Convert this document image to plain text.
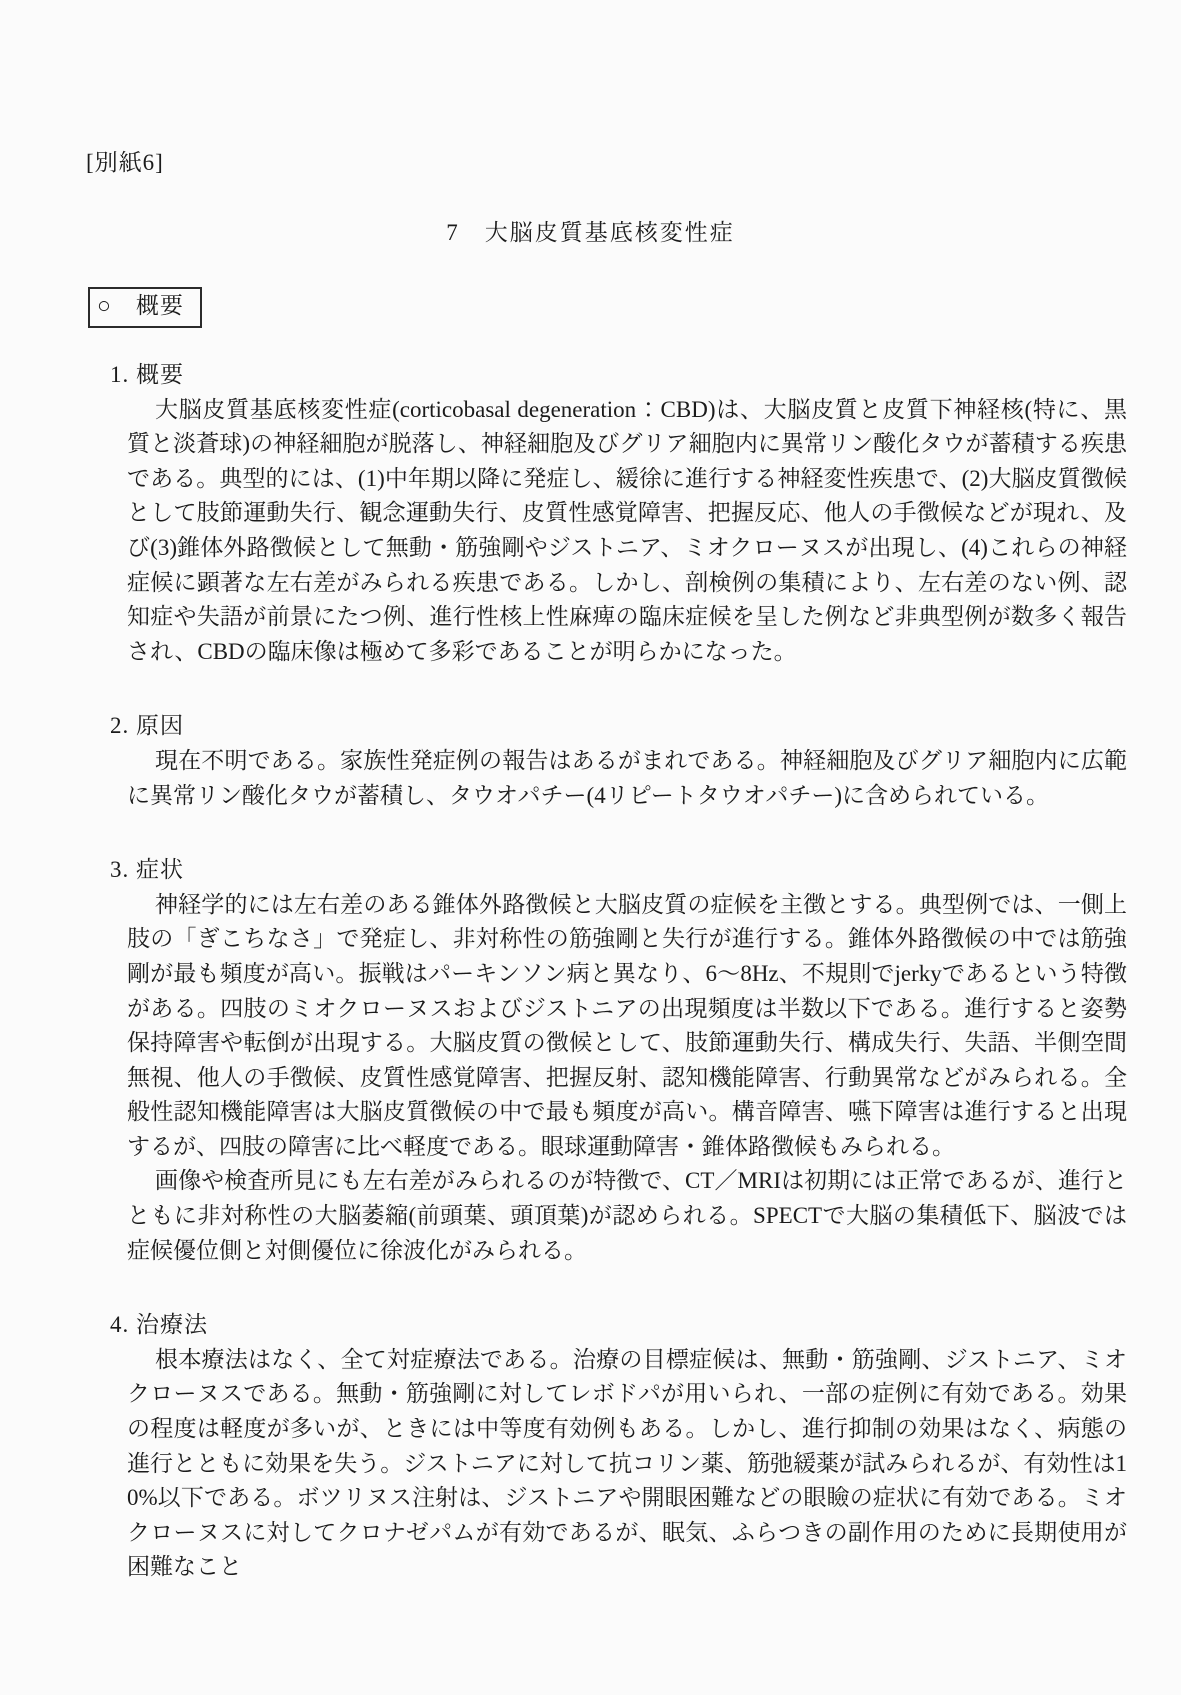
[別紙6]
7　大脳皮質基底核変性症
○　概要
1. 概要

大脳皮質基底核変性症(corticobasal degeneration：CBD)は、大脳皮質と皮質下神経核(特に、黒質と淡蒼球)の神経細胞が脱落し、神経細胞及びグリア細胞内に異常リン酸化タウが蓄積する疾患である。典型的には、(1)中年期以降に発症し、緩徐に進行する神経変性疾患で、(2)大脳皮質徴候として肢節運動失行、観念運動失行、皮質性感覚障害、把握反応、他人の手徴候などが現れ、及び(3)錐体外路徴候として無動・筋強剛やジストニア、ミオクローヌスが出現し、(4)これらの神経症候に顕著な左右差がみられる疾患である。しかし、剖検例の集積により、左右差のない例、認知症や失語が前景にたつ例、進行性核上性麻痺の臨床症候を呈した例など非典型例が数多く報告され、CBDの臨床像は極めて多彩であることが明らかになった。

2. 原因

現在不明である。家族性発症例の報告はあるがまれである。神経細胞及びグリア細胞内に広範に異常リン酸化タウが蓄積し、タウオパチー(4リピートタウオパチー)に含められている。

3. 症状

神経学的には左右差のある錐体外路徴候と大脳皮質の症候を主徴とする。典型例では、一側上肢の「ぎこちなさ」で発症し、非対称性の筋強剛と失行が進行する。錐体外路徴候の中では筋強剛が最も頻度が高い。振戦はパーキンソン病と異なり、6〜8Hz、不規則でjerkyであるという特徴がある。四肢のミオクローヌスおよびジストニアの出現頻度は半数以下である。進行すると姿勢保持障害や転倒が出現する。大脳皮質の徴候として、肢節運動失行、構成失行、失語、半側空間無視、他人の手徴候、皮質性感覚障害、把握反射、認知機能障害、行動異常などがみられる。全般性認知機能障害は大脳皮質徴候の中で最も頻度が高い。構音障害、嚥下障害は進行すると出現するが、四肢の障害に比べ軽度である。眼球運動障害・錐体路徴候もみられる。

画像や検査所見にも左右差がみられるのが特徴で、CT／MRIは初期には正常であるが、進行とともに非対称性の大脳萎縮(前頭葉、頭頂葉)が認められる。SPECTで大脳の集積低下、脳波では症候優位側と対側優位に徐波化がみられる。

4. 治療法

根本療法はなく、全て対症療法である。治療の目標症候は、無動・筋強剛、ジストニア、ミオクローヌスである。無動・筋強剛に対してレボドパが用いられ、一部の症例に有効である。効果の程度は軽度が多いが、ときには中等度有効例もある。しかし、進行抑制の効果はなく、病態の進行とともに効果を失う。ジストニアに対して抗コリン薬、筋弛緩薬が試みられるが、有効性は10%以下である。ボツリヌス注射は、ジストニアや開眼困難などの眼瞼の症状に有効である。ミオクローヌスに対してクロナゼパムが有効であるが、眠気、ふらつきの副作用のために長期使用が困難なこと
